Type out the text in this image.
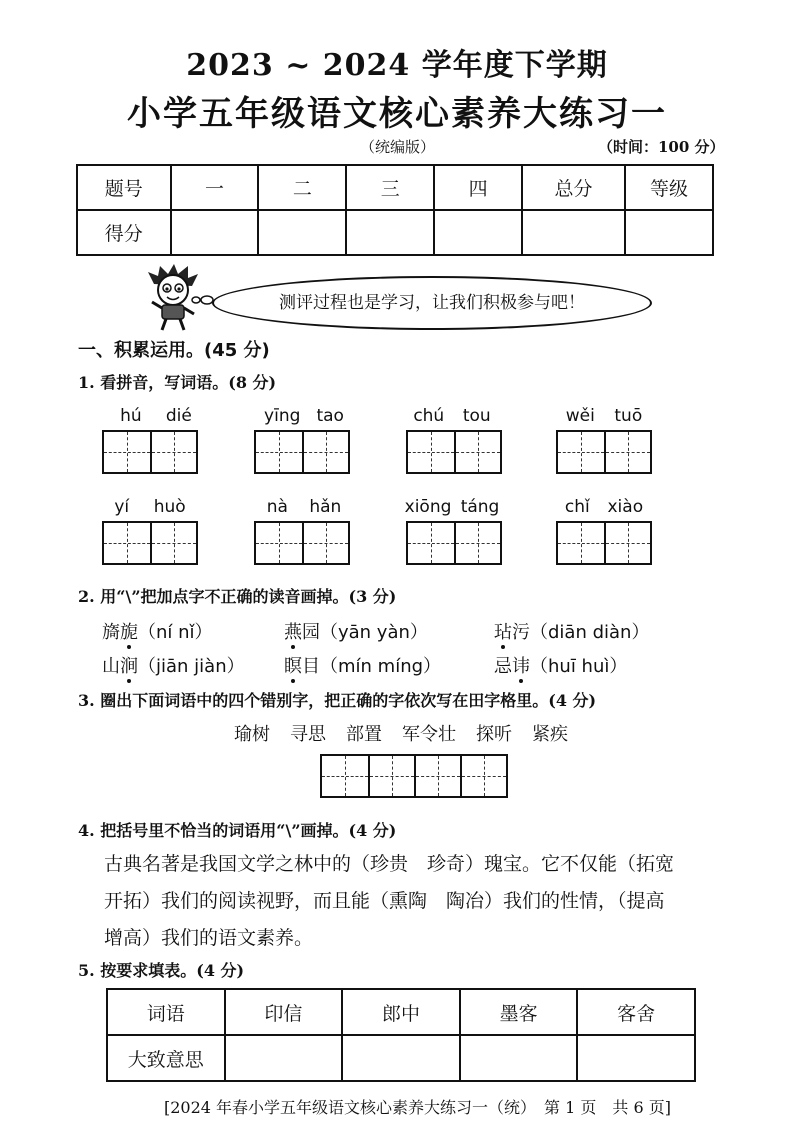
2023 ~ 2024 学年度下学期
小学五年级语文核心素养大练习一
（统编版）	（时间：100 分）
题号	一	二	三	四	总分	等级
得分						
测评过程也是学习，让我们积极参与吧！
一、积累运用。(45 分)
1. 看拼音，写词语。(8 分)
hú dié	yīng tao	chú tou	wěi tuō
yí huò	nà hǎn	xiōng táng	chǐ xiào
2. 用“\”把加点字不正确的读音画掉。(3 分)
旖旎（ní nǐ）	燕园（yān yàn）	玷污（diān diàn）
山涧（jiān jiàn） 瞑目（mín míng）	忌讳（huī huì）
3. 圈出下面词语中的四个错别字，把正确的字依次写在田字格里。(4 分)
瑜树 寻思 部置 军令壮 探听 紧疾
4. 把括号里不恰当的词语用“\”画掉。(4 分)
古典名著是我国文学之林中的（珍贵　珍奇）瑰宝。它不仅能（拓宽
开拓）我们的阅读视野，而且能（熏陶　陶冶）我们的性情，（提高
增高）我们的语文素养。
5. 按要求填表。(4 分)
词语	印信	郎中	墨客	客舍
大致意思				
[2024 年春小学五年级语文核心素养大练习一（统）　第 1 页　共 6 页]
